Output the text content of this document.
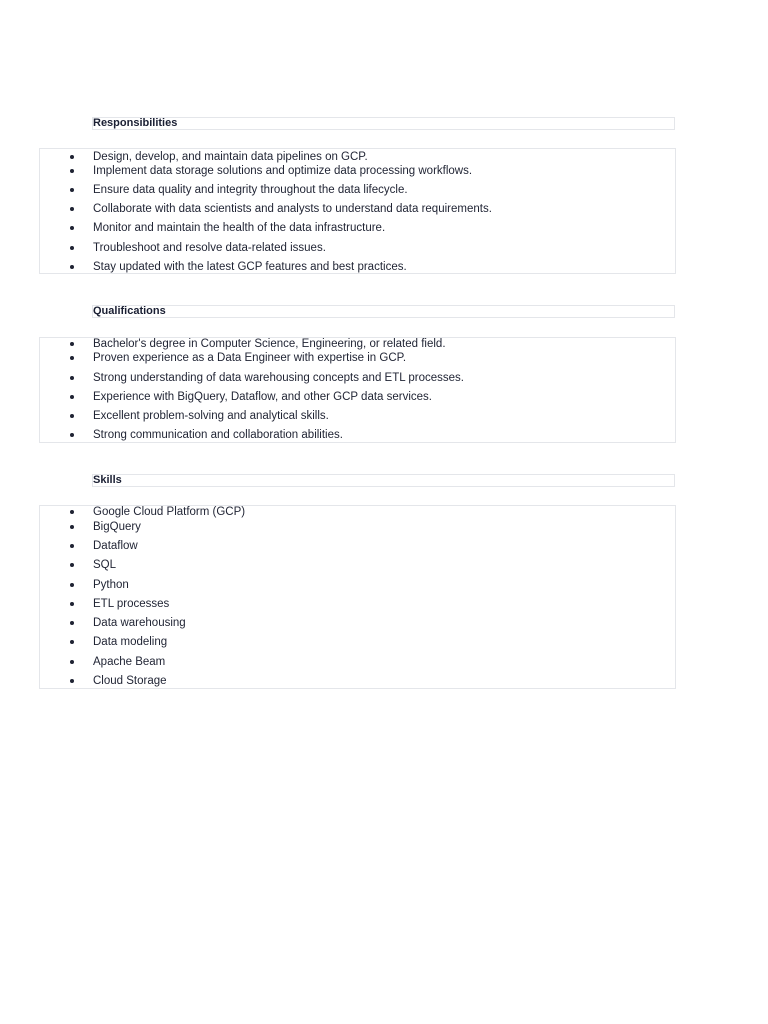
Responsibilities
Design, develop, and maintain data pipelines on GCP.
Implement data storage solutions and optimize data processing workflows.
Ensure data quality and integrity throughout the data lifecycle.
Collaborate with data scientists and analysts to understand data requirements.
Monitor and maintain the health of the data infrastructure.
Troubleshoot and resolve data-related issues.
Stay updated with the latest GCP features and best practices.
Qualifications
Bachelor's degree in Computer Science, Engineering, or related field.
Proven experience as a Data Engineer with expertise in GCP.
Strong understanding of data warehousing concepts and ETL processes.
Experience with BigQuery, Dataflow, and other GCP data services.
Excellent problem-solving and analytical skills.
Strong communication and collaboration abilities.
Skills
Google Cloud Platform (GCP)
BigQuery
Dataflow
SQL
Python
ETL processes
Data warehousing
Data modeling
Apache Beam
Cloud Storage
